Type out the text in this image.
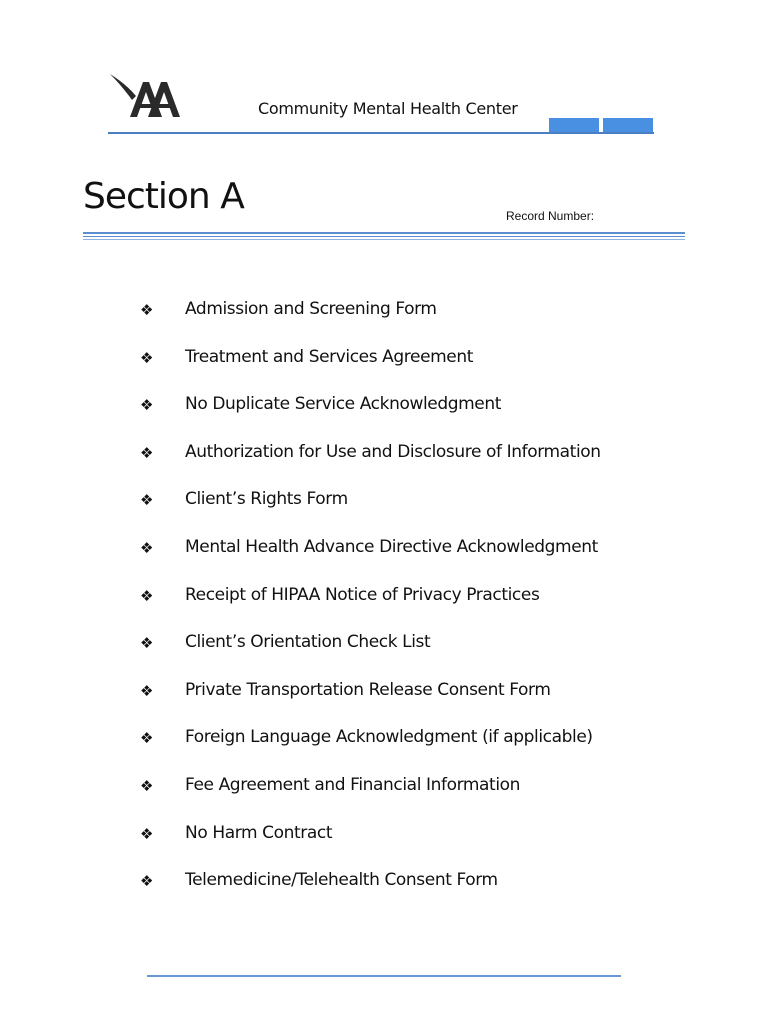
Community Mental Health Center
Section A	Record Number:
❖ Admission and Screening Form
❖ Treatment and Services Agreement
❖ No Duplicate Service Acknowledgment
❖ Authorization for Use and Disclosure of Information
❖ Client’s Rights Form
❖ Mental Health Advance Directive Acknowledgment
❖ Receipt of HIPAA Notice of Privacy Practices
❖ Client’s Orientation Check List
❖ Private Transportation Release Consent Form
❖ Foreign Language Acknowledgment (if applicable)
❖ Fee Agreement and Financial Information
❖ No Harm Contract
❖ Telemedicine/Telehealth Consent Form
